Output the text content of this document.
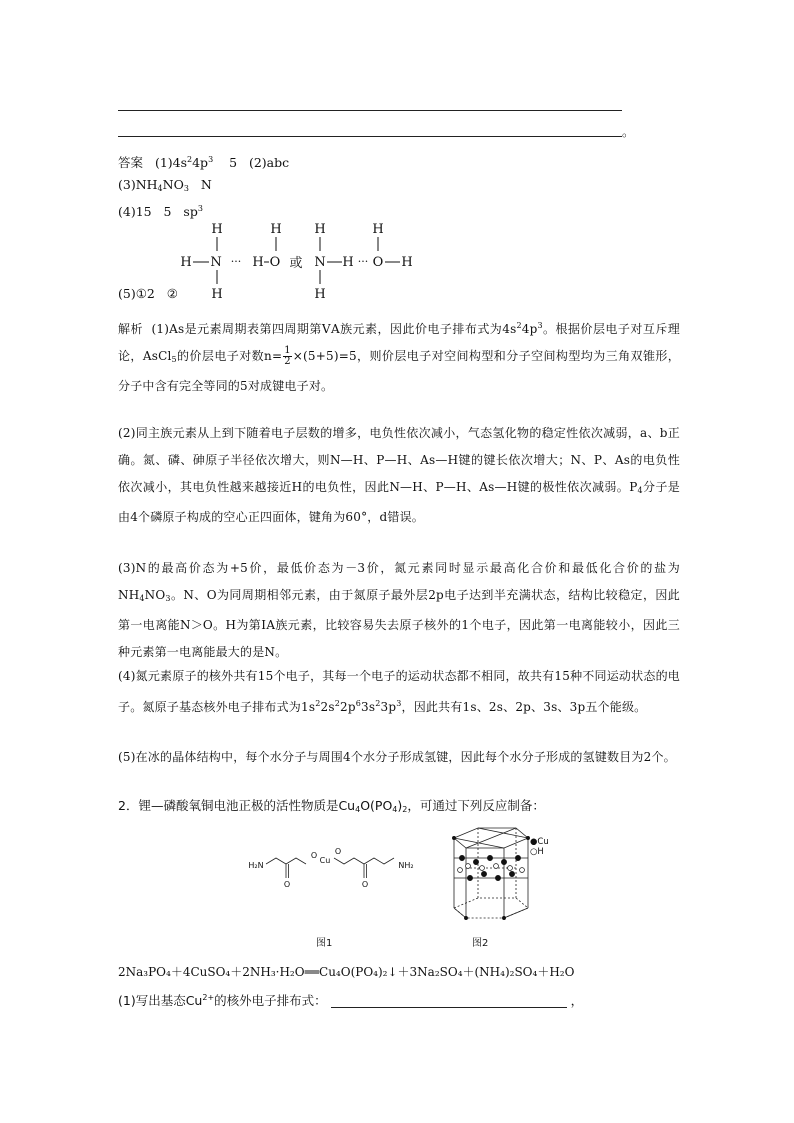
。
答案 $(1)4s^24p^3$ 5 (2)abc
$(3)NH_4NO_3$ N
(4)15 5 $sp^3$
H	H
N H O
H
H
···	或
H	H
N H O H
H
···
(5)①2 ②
解析 (1)As是元素周期表第四周期第ⅤA族元素，因此价电子排布式为$4s^24p^3$。根据价层电子对互斥理论，AsCl$_5$的价层电子对数$n= \frac{1}{2} \times(5+5)=5$，则价层电子对空间构型和分子空间构型均为三角双锥形，分子中含有完全等同的5对成键电子对。
(2)同主族元素从上到下随着电子层数的增多，电负性依次减小，气态氢化物的稳定性依次减弱，a、b正确。氮、磷、砷原子半径依次增大，则N—H、P—H、As—H键的键长依次增大；N、P、As的电负性依次减小，其电负性越来越接近H的电负性，因此N—H、P—H、As—H键的极性依次减弱。$P_4$分子是由4个磷原子构成的空心正四面体，键角为60°，d错误。
(3)N的最高价态为+5价，最低价态为－3价，氮元素同时显示最高化合价和最低化合价的盐为$NH_4NO_3$。N、O为同周期相邻元素，由于氮原子最外层2p电子达到半充满状态，结构比较稳定，因此第一电离能N＞O。H为第ⅠA族元素，比较容易失去原子核外的1个电子，因此第一电离能较小，因此三种元素第一电离能最大的是N。
(4)氮元素原子的核外共有15个电子，其每一个电子的运动状态都不相同，故共有15种不同运动状态的电子。氮原子基态核外电子排布式为$1s^22s^22p^63s^23p^3$，因此共有1s、2s、2p、3s、3p五个能级。
(5)在冰的晶体结构中，每个水分子与周围4个水分子形成氢键，因此每个水分子形成的氢键数目为2个。
2．锂—磷酸氧铜电池正极的活性物质是$Cu_4O(PO_4)_2$，可通过下列反应制备：
H₂N
O
Cu
O
NH₂
O	O
图1
●Cu
○H
图2
2Na₃PO₄＋4CuSO₄＋2NH₃·H₂O══Cu₄O(PO₄)₂↓＋3Na₂SO₄＋(NH₄)₂SO₄＋H₂O
(1)写出基态$Cu^{2+}$的核外电子排布式：	，
